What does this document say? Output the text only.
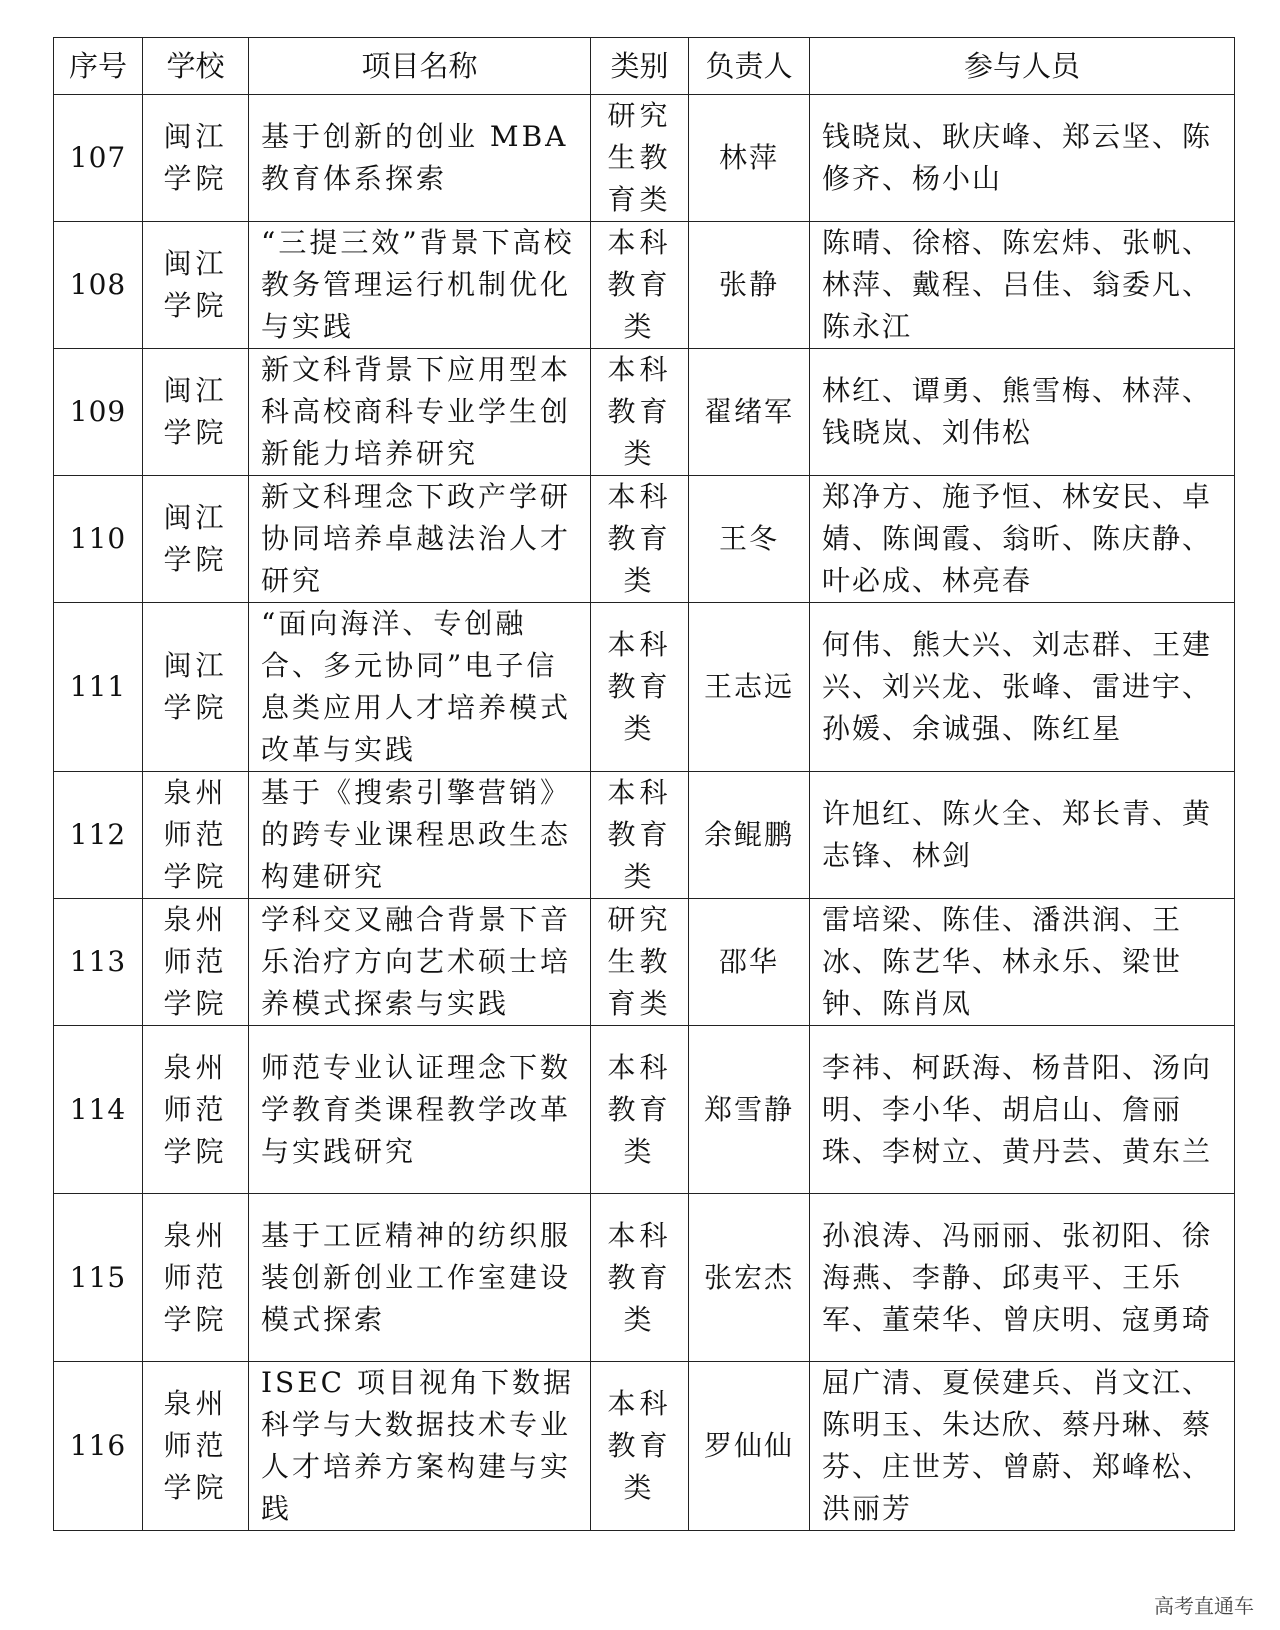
序号	学校	项目名称	类别	负责人	参与人员
107	闽江学院	基于创新的创业 MBA 教育体系探索	研究生教育类	林萍	钱晓岚、耿庆峰、郑云坚、陈修齐、杨小山
108	闽江学院	“三提三效”背景下高校教务管理运行机制优化与实践	本科教育类	张静	陈晴、徐榕、陈宏炜、张帆、林萍、戴程、吕佳、翁委凡、陈永江
109	闽江学院	新文科背景下应用型本科高校商科专业学生创新能力培养研究	本科教育类	翟绪军	林红、谭勇、熊雪梅、林萍、钱晓岚、刘伟松
110	闽江学院	新文科理念下政产学研协同培养卓越法治人才研究	本科教育类	王冬	郑净方、施予恒、林安民、卓婧、陈闽霞、翁昕、陈庆静、叶必成、林亮春
111	闽江学院	“面向海洋、专创融合、多元协同”电子信息类应用人才培养模式改革与实践	本科教育类	王志远	何伟、熊大兴、刘志群、王建兴、刘兴龙、张峰、雷进宇、孙媛、余诚强、陈红星
112	泉州师范学院	基于《搜索引擎营销》的跨专业课程思政生态构建研究	本科教育类	余鲲鹏	许旭红、陈火全、郑长青、黄志锋、林剑
113	泉州师范学院	学科交叉融合背景下音乐治疗方向艺术硕士培养模式探索与实践	研究生教育类	邵华	雷培梁、陈佳、潘洪润、王冰、陈艺华、林永乐、梁世钟、陈肖凤
114	泉州师范学院	师范专业认证理念下数学教育类课程教学改革与实践研究	本科教育类	郑雪静	李祎、柯跃海、杨昔阳、汤向明、李小华、胡启山、詹丽珠、李树立、黄丹芸、黄东兰
115	泉州师范学院	基于工匠精神的纺织服装创新创业工作室建设模式探索	本科教育类	张宏杰	孙浪涛、冯丽丽、张初阳、徐海燕、李静、邱夷平、王乐军、董荣华、曾庆明、寇勇琦
116	泉州师范学院	ISEC 项目视角下数据科学与大数据技术专业人才培养方案构建与实践	本科教育类	罗仙仙	屈广清、夏侯建兵、肖文江、陈明玉、朱达欣、蔡丹琳、蔡芬、庄世芳、曾蔚、郑峰松、洪丽芳
高考直通车
